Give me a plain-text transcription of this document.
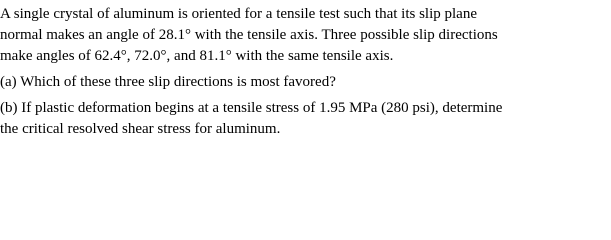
A single crystal of aluminum is oriented for a tensile test such that its slip plane
normal makes an angle of 28.1° with the tensile axis. Three possible slip directions
make angles of 62.4°, 72.0°, and 81.1° with the same tensile axis.
(a) Which of these three slip directions is most favored?
(b) If plastic deformation begins at a tensile stress of 1.95 MPa (280 psi), determine
the critical resolved shear stress for aluminum.
